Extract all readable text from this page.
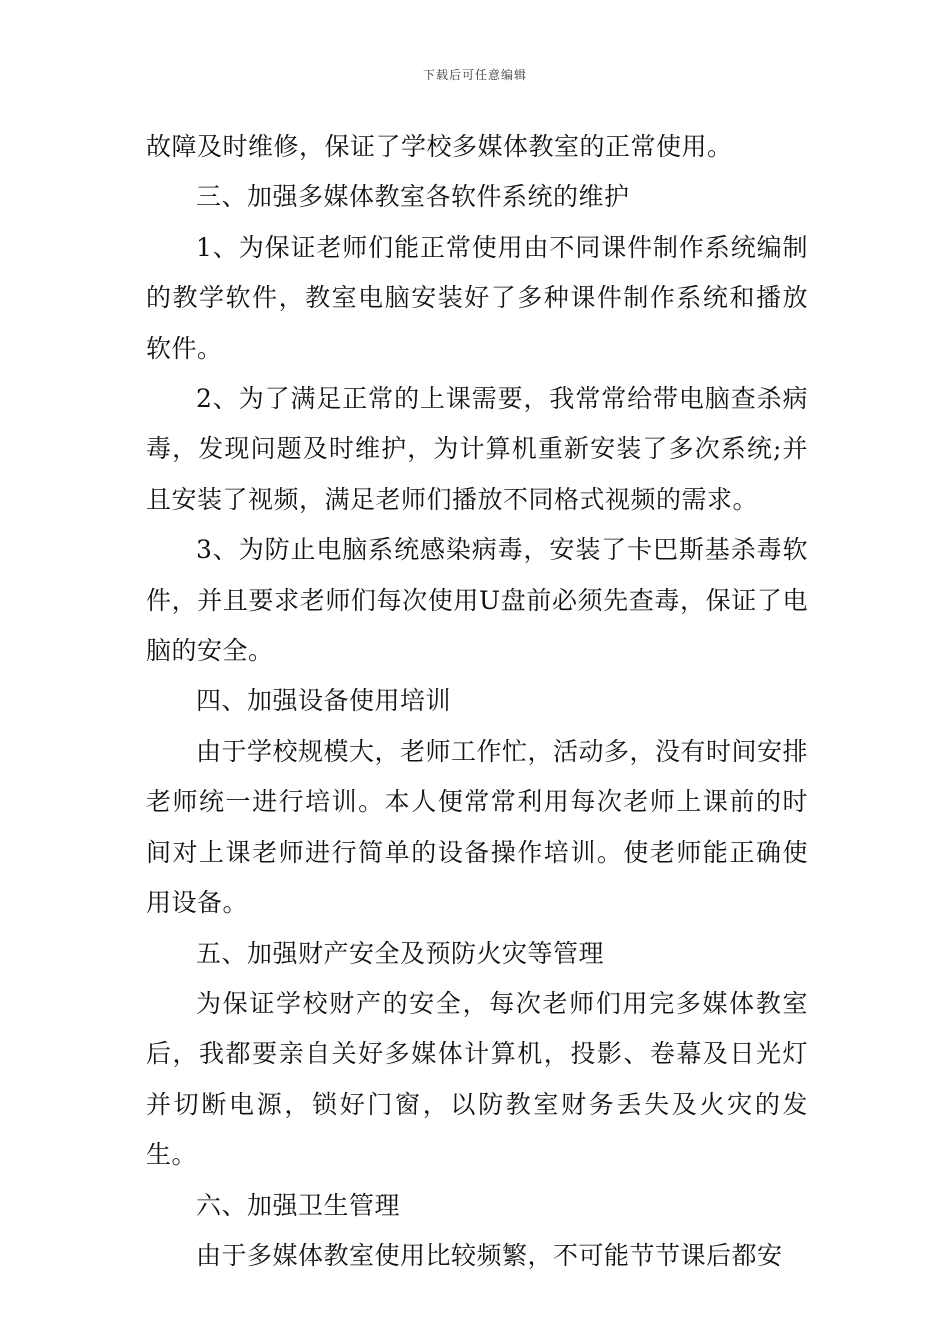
下载后可任意编辑

故障及时维修，保证了学校多媒体教室的正常使用。

三、加强多媒体教室各软件系统的维护

1、为保证老师们能正常使用由不同课件制作系统编制的教学软件，教室电脑安装好了多种课件制作系统和播放软件。

2、为了满足正常的上课需要，我常常给带电脑查杀病毒，发现问题及时维护，为计算机重新安装了多次系统;并且安装了视频，满足老师们播放不同格式视频的需求。

3、为防止电脑系统感染病毒，安装了卡巴斯基杀毒软件，并且要求老师们每次使用U盘前必须先查毒，保证了电脑的安全。

四、加强设备使用培训

由于学校规模大，老师工作忙，活动多，没有时间安排老师统一进行培训。本人便常常利用每次老师上课前的时间对上课老师进行简单的设备操作培训。使老师能正确使用设备。

五、加强财产安全及预防火灾等管理

为保证学校财产的安全，每次老师们用完多媒体教室后，我都要亲自关好多媒体计算机，投影、卷幕及日光灯并切断电源，锁好门窗，以防教室财务丢失及火灾的发生。

六、加强卫生管理

由于多媒体教室使用比较频繁，不可能节节课后都安
